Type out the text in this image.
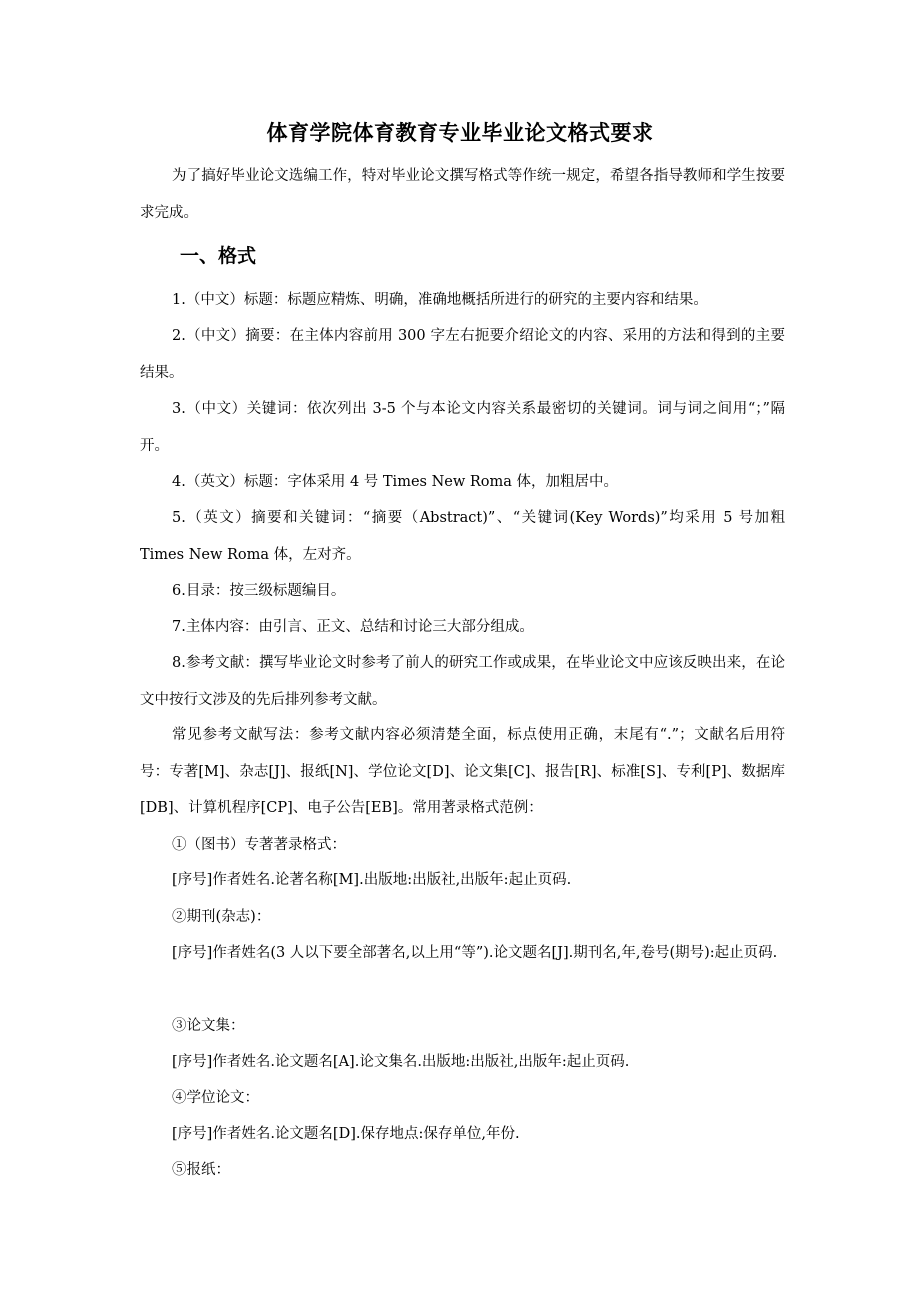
体育学院体育教育专业毕业论文格式要求

为了搞好毕业论文选编工作，特对毕业论文撰写格式等作统一规定，希望各指导教师和学生按要求完成。

一、格式

1.（中文）标题：标题应精炼、明确，准确地概括所进行的研究的主要内容和结果。

2.（中文）摘要：在主体内容前用 300 字左右扼要介绍论文的内容、采用的方法和得到的主要结果。

3.（中文）关键词：依次列出 3-5 个与本论文内容关系最密切的关键词。词与词之间用“；”隔开。

4.（英文）标题：字体采用 4 号 Times New Roma 体，加粗居中。

5.（英文）摘要和关键词：“摘要（Abstract)”、“关键词(Key Words)”均采用 5 号加粗 Times New Roma 体，左对齐。

6.目录：按三级标题编目。

7.主体内容：由引言、正文、总结和讨论三大部分组成。

8.参考文献：撰写毕业论文时参考了前人的研究工作或成果，在毕业论文中应该反映出来，在论文中按行文涉及的先后排列参考文献。

常见参考文献写法：参考文献内容必须清楚全面，标点使用正确，末尾有“.”；文献名后用符号：专著[M]、杂志[J]、报纸[N]、学位论文[D]、论文集[C]、报告[R]、标准[S]、专利[P]、数据库[DB]、计算机程序[CP]、电子公告[EB]。常用著录格式范例：

①（图书）专著著录格式：

[序号]作者姓名.论著名称[M].出版地:出版社,出版年:起止页码.

②期刊(杂志)：

[序号]作者姓名(3 人以下要全部著名,以上用“等”).论文题名[J].期刊名,年,卷号(期号):起止页码.

③论文集：

[序号]作者姓名.论文题名[A].论文集名.出版地:出版社,出版年:起止页码.

④学位论文：

[序号]作者姓名.论文题名[D].保存地点:保存单位,年份.

⑤报纸：
